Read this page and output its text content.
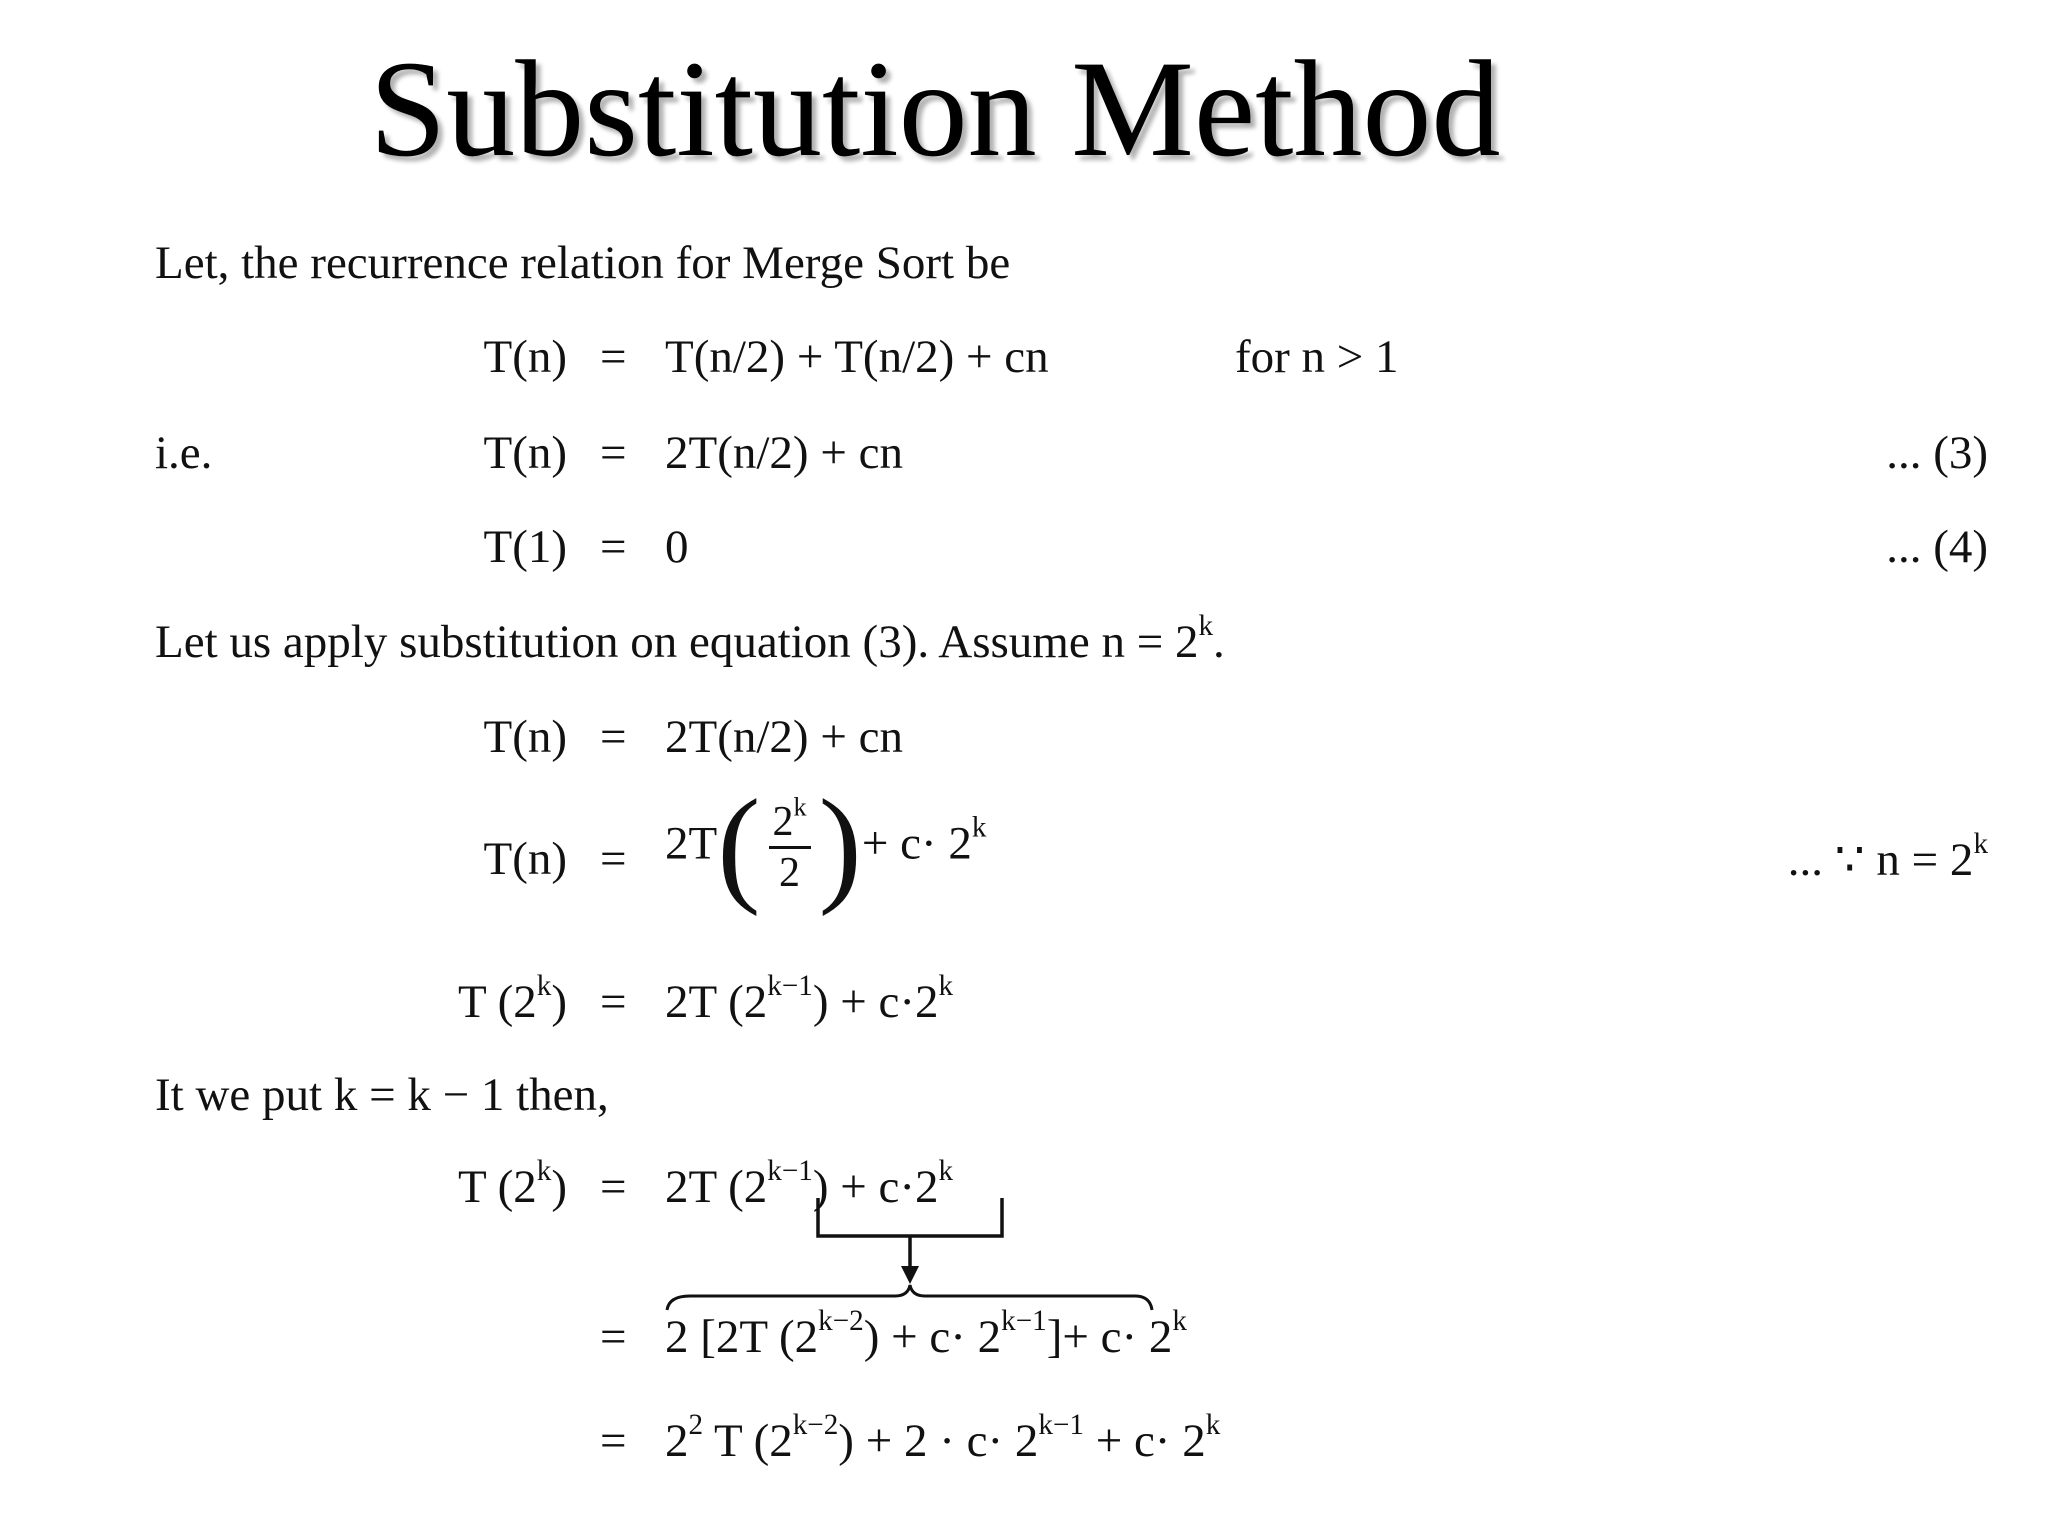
Substitution Method
Let, the recurrence relation for Merge Sort be
T(n) = T(n/2) + T(n/2) + cn	for n > 1
i.e.	T(n) = 2T(n/2) + cn	... (3)
T(1) = 0	... (4)
Let us apply substitution on equation (3). Assume $n = 2^k$.
T(n) = 2T(n/2) + cn
$T(n) = 2T( \frac{2^k}{2}$ )+ $c\cdot 2^k$
... ∵ $n = 2^k$
T $(2^k) = 2T$ $(2^{k-1}) + c\cdot 2^k$
It we put k = k − 1 then,
T $(2^k) = 2T$ $(2^{k-1}) + c\cdot 2^k$
= 2 [2T $(2^{k-2}) + c\cdot 2^{k-1}]+ c\cdot 2^k$
= $2^2$ T $(2^{k-2}) + 2 \cdot c\cdot 2^{k-1} + c\cdot 2^k$
